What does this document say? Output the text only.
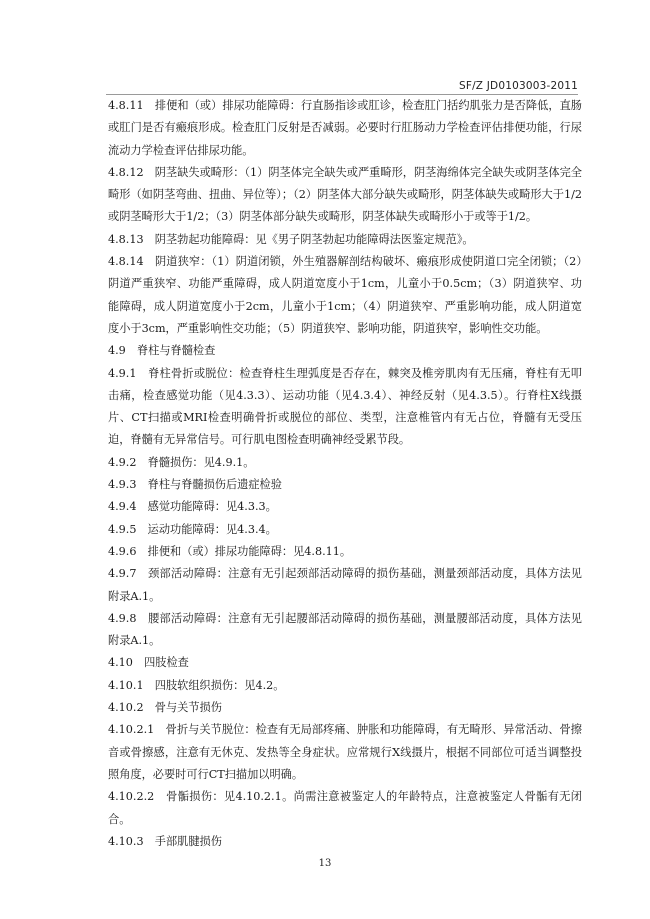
SF/Z JD0103003-2011

4.8.11　排便和（或）排尿功能障碍：行直肠指诊或肛诊，检查肛门括约肌张力是否降低，直肠或肛门是否有瘢痕形成。检查肛门反射是否减弱。必要时行肛肠动力学检查评估排便功能，行尿流动力学检查评估排尿功能。

4.8.12　阴茎缺失或畸形：（1）阴茎体完全缺失或严重畸形，阴茎海绵体完全缺失或阴茎体完全畸形（如阴茎弯曲、扭曲、异位等）；（2）阴茎体大部分缺失或畸形，阴茎体缺失或畸形大于1/2或阴茎畸形大于1/2；（3）阴茎体部分缺失或畸形，阴茎体缺失或畸形小于或等于1/2。

4.8.13　阴茎勃起功能障碍：见《男子阴茎勃起功能障碍法医鉴定规范》。

4.8.14　阴道狭窄：（1）阴道闭锁，外生殖器解剖结构破坏、瘢痕形成使阴道口完全闭锁；（2）阴道严重狭窄、功能严重障碍，成人阴道宽度小于1cm，儿童小于0.5cm；（3）阴道狭窄、功能障碍，成人阴道宽度小于2cm，儿童小于1cm；（4）阴道狭窄、严重影响功能，成人阴道宽度小于3cm，严重影响性交功能；（5）阴道狭窄、影响功能，阴道狭窄，影响性交功能。

4.9　脊柱与脊髓检查

4.9.1　脊柱骨折或脱位：检查脊柱生理弧度是否存在，棘突及椎旁肌肉有无压痛，脊柱有无叩击痛，检查感觉功能（见4.3.3）、运动功能（见4.3.4）、神经反射（见4.3.5）。行脊柱X线摄片、CT扫描或MRI检查明确骨折或脱位的部位、类型，注意椎管内有无占位，脊髓有无受压迫，脊髓有无异常信号。可行肌电图检查明确神经受累节段。

4.9.2　脊髓损伤：见4.9.1。

4.9.3　脊柱与脊髓损伤后遗症检验

4.9.4　感觉功能障碍：见4.3.3。

4.9.5　运动功能障碍：见4.3.4。

4.9.6　排便和（或）排尿功能障碍：见4.8.11。

4.9.7　颈部活动障碍：注意有无引起颈部活动障碍的损伤基础，测量颈部活动度，具体方法见附录A.1。

4.9.8　腰部活动障碍：注意有无引起腰部活动障碍的损伤基础，测量腰部活动度，具体方法见附录A.1。

4.10　四肢检查

4.10.1　四肢软组织损伤：见4.2。

4.10.2　骨与关节损伤

4.10.2.1　骨折与关节脱位：检查有无局部疼痛、肿胀和功能障碍，有无畸形、异常活动、骨擦音或骨擦感，注意有无休克、发热等全身症状。应常规行X线摄片，根据不同部位可适当调整投照角度，必要时可行CT扫描加以明确。

4.10.2.2　骨骺损伤：见4.10.2.1。尚需注意被鉴定人的年龄特点，注意被鉴定人骨骺有无闭合。

4.10.3　手部肌腱损伤

13
